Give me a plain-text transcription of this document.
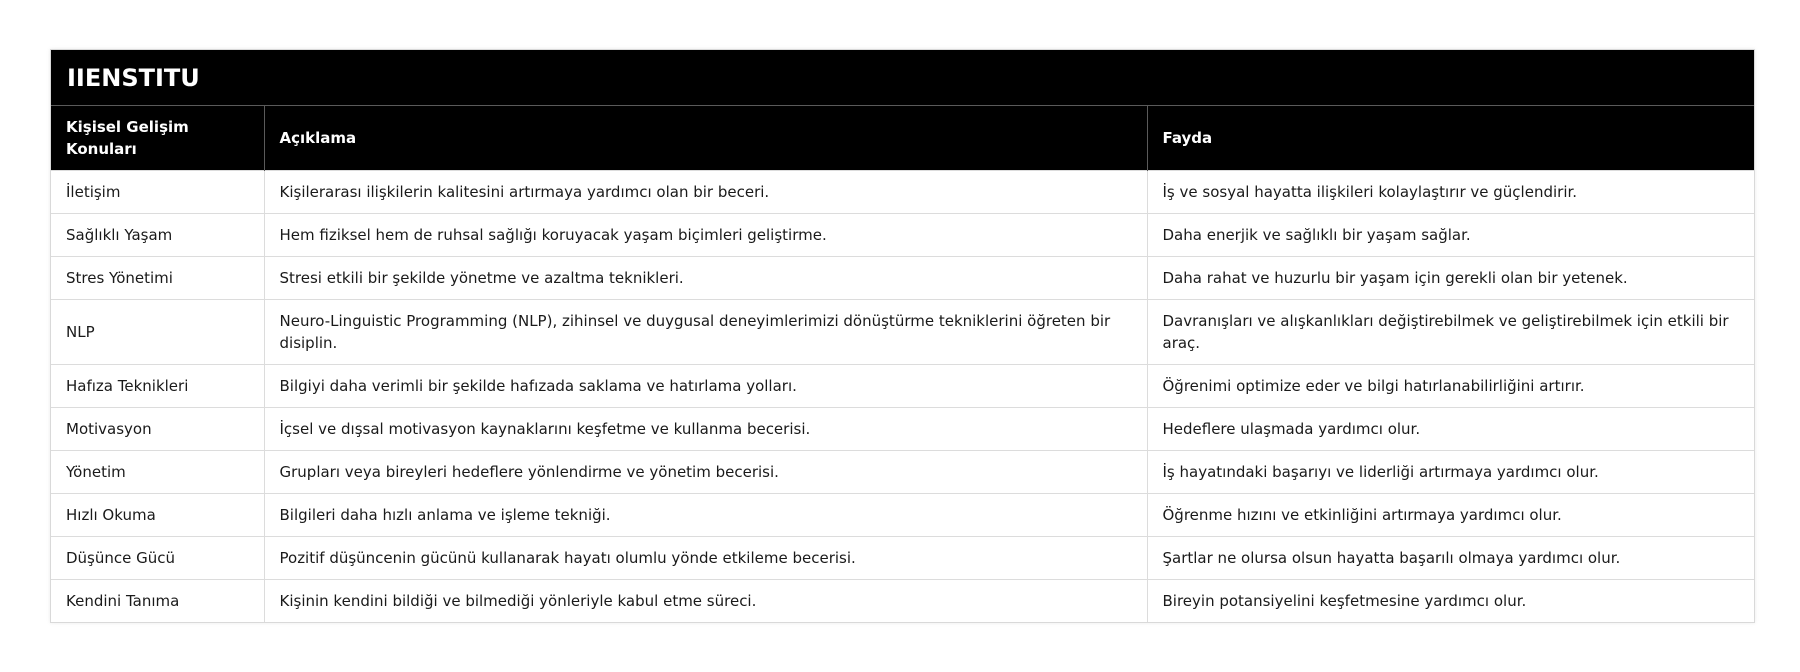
IIENSTITU
Kişisel Gelişim Konuları	Açıklama	Fayda
İletişim	Kişilerarası ilişkilerin kalitesini artırmaya yardımcı olan bir beceri.	İş ve sosyal hayatta ilişkileri kolaylaştırır ve güçlendirir.
Sağlıklı Yaşam	Hem fiziksel hem de ruhsal sağlığı koruyacak yaşam biçimleri geliştirme.	Daha enerjik ve sağlıklı bir yaşam sağlar.
Stres Yönetimi	Stresi etkili bir şekilde yönetme ve azaltma teknikleri.	Daha rahat ve huzurlu bir yaşam için gerekli olan bir yetenek.
NLP	Neuro-Linguistic Programming (NLP), zihinsel ve duygusal deneyimlerimizi dönüştürme tekniklerini öğreten bir disiplin.	Davranışları ve alışkanlıkları değiştirebilmek ve geliştirebilmek için etkili bir araç.
Hafıza Teknikleri	Bilgiyi daha verimli bir şekilde hafızada saklama ve hatırlama yolları.	Öğrenimi optimize eder ve bilgi hatırlanabilirliğini artırır.
Motivasyon	İçsel ve dışsal motivasyon kaynaklarını keşfetme ve kullanma becerisi.	Hedeflere ulaşmada yardımcı olur.
Yönetim	Grupları veya bireyleri hedeflere yönlendirme ve yönetim becerisi.	İş hayatındaki başarıyı ve liderliği artırmaya yardımcı olur.
Hızlı Okuma	Bilgileri daha hızlı anlama ve işleme tekniği.	Öğrenme hızını ve etkinliğini artırmaya yardımcı olur.
Düşünce Gücü	Pozitif düşüncenin gücünü kullanarak hayatı olumlu yönde etkileme becerisi.	Şartlar ne olursa olsun hayatta başarılı olmaya yardımcı olur.
Kendini Tanıma	Kişinin kendini bildiği ve bilmediği yönleriyle kabul etme süreci.	Bireyin potansiyelini keşfetmesine yardımcı olur.
